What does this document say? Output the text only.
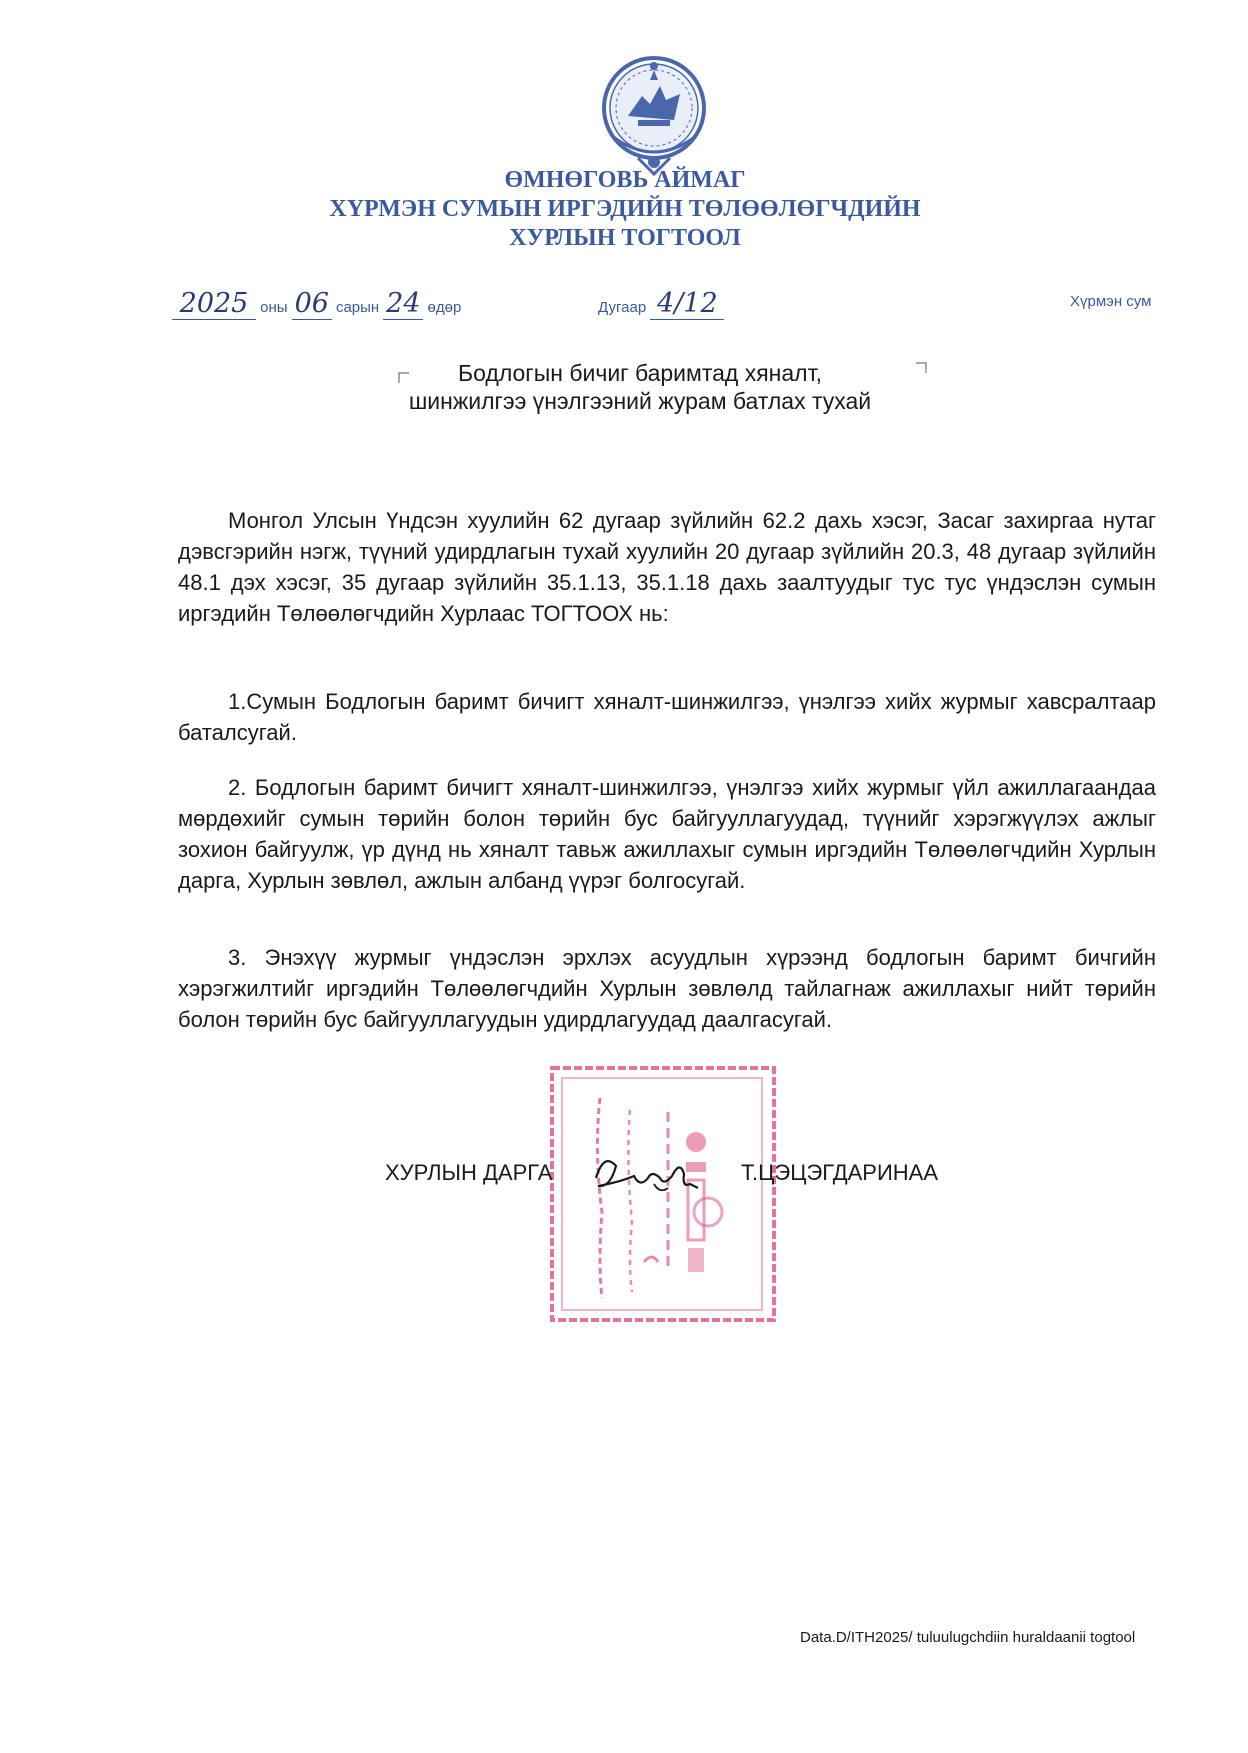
ӨМНӨГОВЬ АЙМАГ
ХҮРМЭН СУМЫН ИРГЭДИЙН ТӨЛӨӨЛӨГЧДИЙН
ХУРЛЫН ТОГТООЛ
2025 оны 06 сарын 24 өдөр	Дугаар 4/12	Хүрмэн сум
Бодлогын бичиг баримтад хяналт,
шинжилгээ үнэлгээний журам батлах тухай

Монгол Улсын Үндсэн хуулийн 62 дугаар зүйлийн 62.2 дахь хэсэг, Засаг захиргаа нутаг дэвсгэрийн нэгж, түүний удирдлагын тухай хуулийн 20 дугаар зүйлийн 20.3, 48 дугаар зүйлийн 48.1 дэх хэсэг, 35 дугаар зүйлийн 35.1.13, 35.1.18 дахь заалтуудыг тус тус үндэслэн сумын иргэдийн Төлөөлөгчдийн Хурлаас ТОГТООХ нь:

1.Сумын Бодлогын баримт бичигт хяналт-шинжилгээ, үнэлгээ хийх журмыг хавсралтаар баталсугай.

2. Бодлогын баримт бичигт хяналт-шинжилгээ, үнэлгээ хийх журмыг үйл ажиллагаандаа мөрдөхийг сумын төрийн болон төрийн бус байгууллагуудад, түүнийг хэрэгжүүлэх ажлыг зохион байгуулж, үр дүнд нь хяналт тавьж ажиллахыг сумын иргэдийн Төлөөлөгчдийн Хурлын дарга, Хурлын зөвлөл, ажлын албанд үүрэг болгосугай.

3. Энэхүү журмыг үндэслэн эрхлэх асуудлын хүрээнд бодлогын баримт бичгийн хэрэгжилтийг иргэдийн Төлөөлөгчдийн Хурлын зөвлөлд тайлагнаж ажиллахыг нийт төрийн болон төрийн бус байгууллагуудын удирдлагуудад даалгасугай.

ХУРЛЫН ДАРГА	Т.ЦЭЦЭГДАРИНАА
Data.D/ITH2025/ tuluulugchdiin huraldaanii togtool
